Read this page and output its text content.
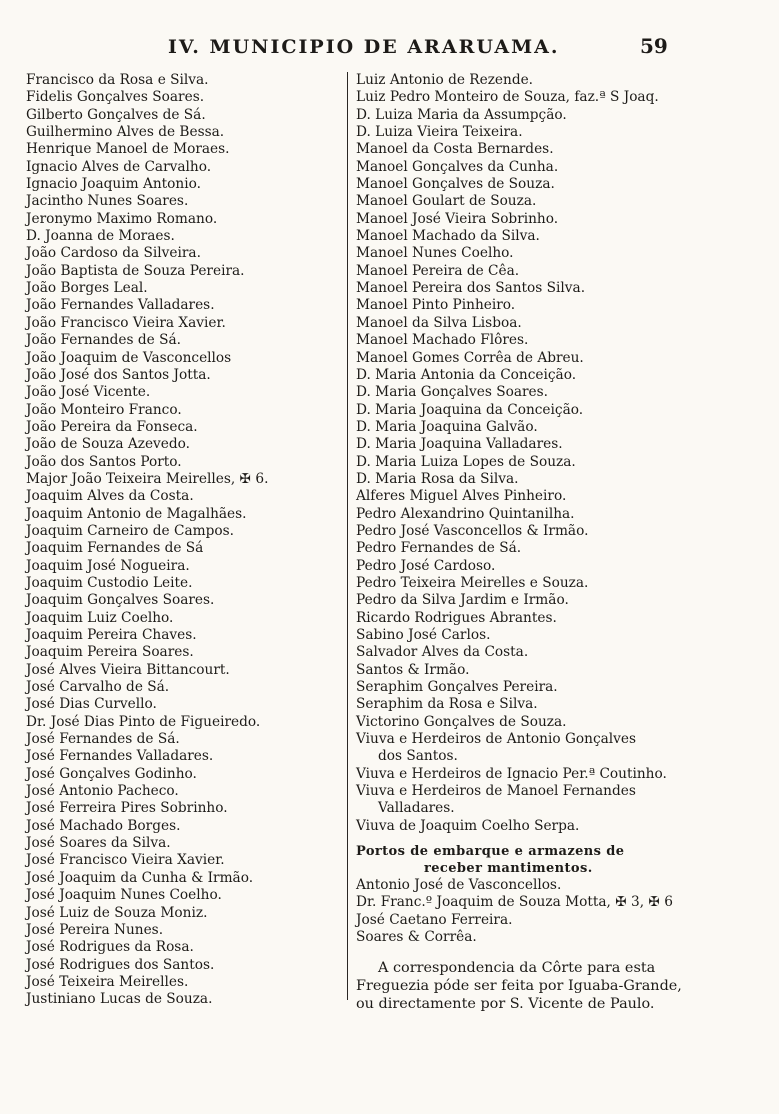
IV. MUNICIPIO DE ARARUAMA.	59
Francisco da Rosa e Silva.
Fidelis Gonçalves Soares.
Gilberto Gonçalves de Sá.
Guilhermino Alves de Bessa.
Henrique Manoel de Moraes.
Ignacio Alves de Carvalho.
Ignacio Joaquim Antonio.
Jacintho Nunes Soares.
Jeronymo Maximo Romano.
D. Joanna de Moraes.
João Cardoso da Silveira.
João Baptista de Souza Pereira.
João Borges Leal.
João Fernandes Valladares.
João Francisco Vieira Xavier.
João Fernandes de Sá.
João Joaquim de Vasconcellos
João José dos Santos Jotta.
João José Vicente.
João Monteiro Franco.
João Pereira da Fonseca.
João de Souza Azevedo.
João dos Santos Porto.
Major João Teixeira Meirelles, ✠ 6.
Joaquim Alves da Costa.
Joaquim Antonio de Magalhães.
Joaquim Carneiro de Campos.
Joaquim Fernandes de Sá
Joaquim José Nogueira.
Joaquim Custodio Leite.
Joaquim Gonçalves Soares.
Joaquim Luiz Coelho.
Joaquim Pereira Chaves.
Joaquim Pereira Soares.
José Alves Vieira Bittancourt.
José Carvalho de Sá.
José Dias Curvello.
Dr. José Dias Pinto de Figueiredo.
José Fernandes de Sá.
José Fernandes Valladares.
José Gonçalves Godinho.
José Antonio Pacheco.
José Ferreira Pires Sobrinho.
José Machado Borges.
José Soares da Silva.
José Francisco Vieira Xavier.
José Joaquim da Cunha & Irmão.
José Joaquim Nunes Coelho.
José Luiz de Souza Moniz.
José Pereira Nunes.
José Rodrigues da Rosa.
José Rodrigues dos Santos.
José Teixeira Meirelles.
Justiniano Lucas de Souza.
Luiz Antonio de Rezende.
Luiz Pedro Monteiro de Souza, faz.ª S Joaq.
D. Luiza Maria da Assumpção.
D. Luiza Vieira Teixeira.
Manoel da Costa Bernardes.
Manoel Gonçalves da Cunha.
Manoel Gonçalves de Souza.
Manoel Goulart de Souza.
Manoel José Vieira Sobrinho.
Manoel Machado da Silva.
Manoel Nunes Coelho.
Manoel Pereira de Cêa.
Manoel Pereira dos Santos Silva.
Manoel Pinto Pinheiro.
Manoel da Silva Lisboa.
Manoel Machado Flôres.
Manoel Gomes Corrêa de Abreu.
D. Maria Antonia da Conceição.
D. Maria Gonçalves Soares.
D. Maria Joaquina da Conceição.
D. Maria Joaquina Galvão.
D. Maria Joaquina Valladares.
D. Maria Luiza Lopes de Souza.
D. Maria Rosa da Silva.
Alferes Miguel Alves Pinheiro.
Pedro Alexandrino Quintanilha.
Pedro José Vasconcellos & Irmão.
Pedro Fernandes de Sá.
Pedro José Cardoso.
Pedro Teixeira Meirelles e Souza.
Pedro da Silva Jardim e Irmão.
Ricardo Rodrigues Abrantes.
Sabino José Carlos.
Salvador Alves da Costa.
Santos & Irmão.
Seraphim Gonçalves Pereira.
Seraphim da Rosa e Silva.
Victorino Gonçalves de Souza.
Viuva e Herdeiros de Antonio Gonçalves
dos Santos.
Viuva e Herdeiros de Ignacio Per.ª Coutinho.
Viuva e Herdeiros de Manoel Fernandes
Valladares.
Viuva de Joaquim Coelho Serpa.
Portos de embarque e armazens de
receber mantimentos.
Antonio José de Vasconcellos.
Dr. Franc.º Joaquim de Souza Motta, ✠ 3, ✠ 6
José Caetano Ferreira.
Soares & Corrêa.
A correspondencia da Côrte para esta
Freguezia póde ser feita por Iguaba-Grande,
ou directamente por S. Vicente de Paulo.
